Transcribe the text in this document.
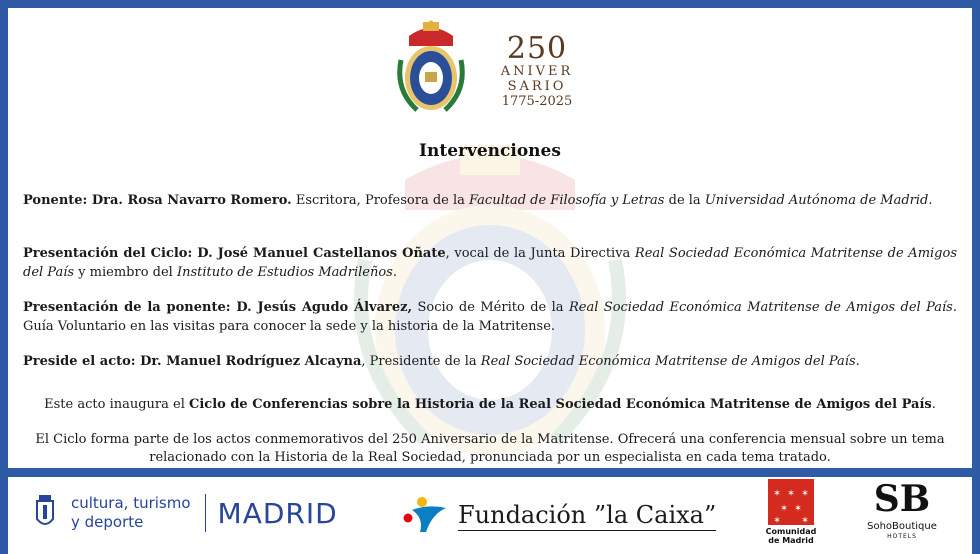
250
ANIVER
SARIO
1775-2025
Intervenciones
Ponente: Dra. Rosa Navarro Romero. Escritora, Profesora de la Facultad de Filosofía y Letras de la Universidad Autónoma de Madrid.
Presentación del Ciclo: D. José Manuel Castellanos Oñate, vocal de la Junta Directiva Real Sociedad Económica Matritense de Amigos del País y miembro del Instituto de Estudios Madrileños.
Presentación de la ponente: D. Jesús Agudo Álvarez, Socio de Mérito de la Real Sociedad Económica Matritense de Amigos del País. Guía Voluntario en las visitas para conocer la sede y la historia de la Matritense.
Preside el acto: Dr. Manuel Rodríguez Alcayna, Presidente de la Real Sociedad Económica Matritense de Amigos del País.
Este acto inaugura el Ciclo de Conferencias sobre la Historia de la Real Sociedad Económica Matritense de Amigos del País.
El Ciclo forma parte de los actos conmemorativos del 250 Aniversario de la Matritense. Ofrecerá una conferencia mensual sobre un tema relacionado con la Historia de la Real Sociedad, pronunciada por un especialista en cada tema tratado.
cultura, turismo
y deporte	MADRID	Fundación ”la Caixa”
✶ ✶ ✶
✶ ✶
✶ ✶
Comunidad
de Madrid
SB
SohoBoutique
HOTELS
